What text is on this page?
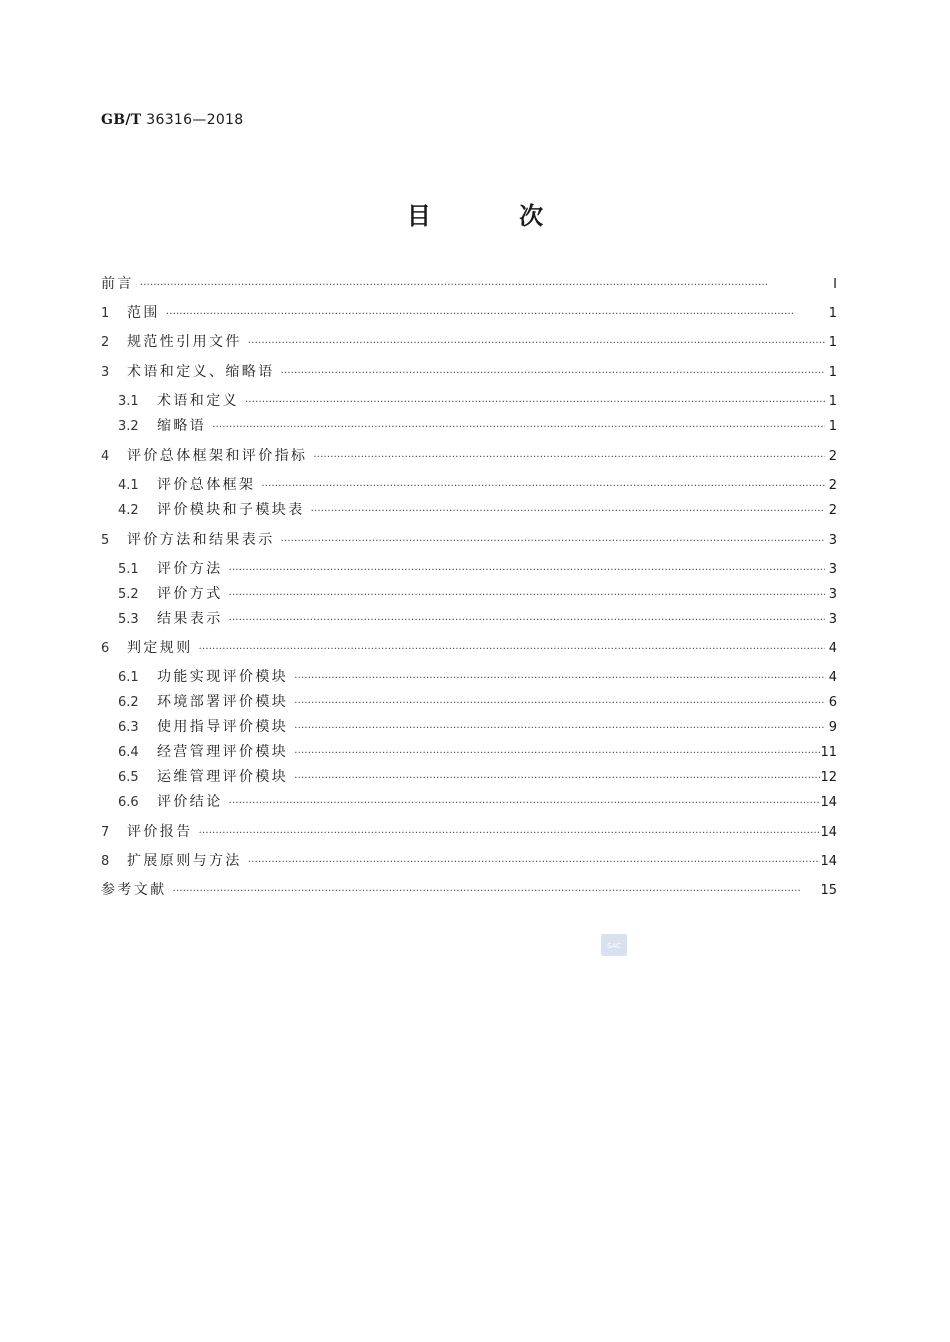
GB/T 36316—2018
目 次
前言 ·····	Ⅰ
1	范围 ·····	1
2	规范性引用文件 ·····	1
3	术语和定义、缩略语 ·····	1
3.1	术语和定义 ·····	1
3.2	缩略语 ·····	1
4	评价总体框架和评价指标 ·····	2
4.1	评价总体框架 ·····	2
4.2	评价模块和子模块表 ·····	2
5	评价方法和结果表示 ·····	3
5.1	评价方法 ·····	3
5.2	评价方式 ·····	3
5.3	结果表示 ·····	3
6	判定规则 ·····	4
6.1	功能实现评价模块 ·····	4
6.2	环境部署评价模块 ·····	6
6.3	使用指导评价模块 ·····	9
6.4	经营管理评价模块 ·····	11
6.5	运维管理评价模块 ·····	12
6.6	评价结论 ·····	14
7	评价报告 ·····	14
8	扩展原则与方法 ·····	14
参考文献 ·····	15
SAC
